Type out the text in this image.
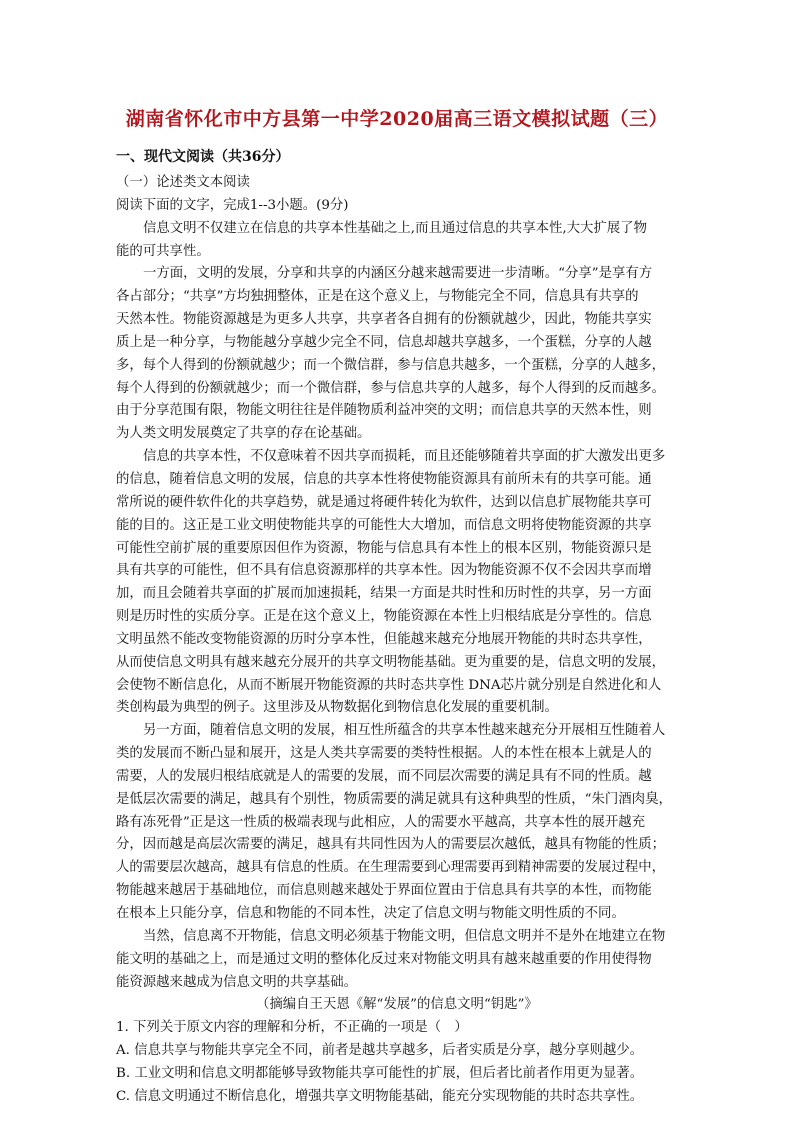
湖南省怀化市中方县第一中学2020届高三语文模拟试题（三）
一、现代文阅读（共36分）
（一）论述类文本阅读
阅读下面的文字，完成1--3小题。(9分)
信息文明不仅建立在信息的共享本性基础之上,而且通过信息的共享本性,大大扩展了物
能的可共享性。
一方面，文明的发展，分享和共享的内涵区分越来越需要进一步清晰。“分享”是享有方
各占部分；“共享”方均独拥整体，正是在这个意义上，与物能完全不同，信息具有共享的
天然本性。物能资源越是为更多人共享，共享者各自拥有的份额就越少，因此，物能共享实
质上是一种分享，与物能越分享越少完全不同，信息却越共享越多，一个蛋糕，分享的人越
多，每个人得到的份额就越少；而一个微信群，参与信息共越多，一个蛋糕，分享的人越多，
每个人得到的份额就越少；而一个微信群，参与信息共享的人越多，每个人得到的反而越多。
由于分享范围有限，物能文明往往是伴随物质利益冲突的文明；而信息共享的天然本性，则
为人类文明发展奠定了共享的存在论基础。
信息的共享本性，不仅意味着不因共享而损耗，而且还能够随着共享面的扩大激发出更多
的信息，随着信息文明的发展，信息的共享本性将使物能资源具有前所未有的共享可能。通
常所说的硬件软件化的共享趋势，就是通过将硬件转化为软件，达到以信息扩展物能共享可
能的目的。这正是工业文明使物能共享的可能性大大增加，而信息文明将使物能资源的共享
可能性空前扩展的重要原因但作为资源，物能与信息具有本性上的根本区别，物能资源只是
具有共享的可能性，但不具有信息资源那样的共享本性。因为物能资源不仅不会因共享而增
加，而且会随着共享面的扩展而加速损耗，结果一方面是共时性和历时性的共享，另一方面
则是历时性的实质分享。正是在这个意义上，物能资源在本性上归根结底是分享性的。信息
文明虽然不能改变物能资源的历时分享本性，但能越来越充分地展开物能的共时态共享性，
从而使信息文明具有越来越充分展开的共享文明物能基础。更为重要的是，信息文明的发展，
会使物不断信息化，从而不断展开物能资源的共时态共享性 DNA芯片就分别是自然进化和人
类创构最为典型的例子。这里涉及从物数据化到物信息化发展的重要机制。
另一方面，随着信息文明的发展，相互性所蕴含的共享本性越来越充分开展相互性随着人
类的发展而不断凸显和展开，这是人类共享需要的类特性根据。人的本性在根本上就是人的
需要，人的发展归根结底就是人的需要的发展，而不同层次需要的满足具有不同的性质。越
是低层次需要的满足，越具有个别性，物质需要的满足就具有这种典型的性质，“朱门酒肉臭，
路有冻死骨”正是这一性质的极端表现与此相应，人的需要水平越高，共享本性的展开越充
分，因而越是高层次需要的满足，越具有共同性因为人的需要层次越低，越具有物能的性质；
人的需要层次越高，越具有信息的性质。在生理需要到心理需要再到精神需要的发展过程中，
物能越来越居于基础地位，而信息则越来越处于界面位置由于信息具有共享的本性，而物能
在根本上只能分享，信息和物能的不同本性，决定了信息文明与物能文明性质的不同。
当然，信息离不开物能，信息文明必须基于物能文明，但信息文明并不是外在地建立在物
能文明的基础之上，而是通过文明的整体化反过来对物能文明具有越来越重要的作用使得物
能资源越来越成为信息文明的共享基础。
（摘编自王天恩《解“发展”的信息文明“钥匙”》
1. 下列关于原文内容的理解和分析，不正确的一项是（　）
A. 信息共享与物能共享完全不同，前者是越共享越多，后者实质是分享，越分享则越少。
B. 工业文明和信息文明都能够导致物能共享可能性的扩展，但后者比前者作用更为显著。
C. 信息文明通过不断信息化，增强共享文明物能基础，能充分实现物能的共时态共享性。
